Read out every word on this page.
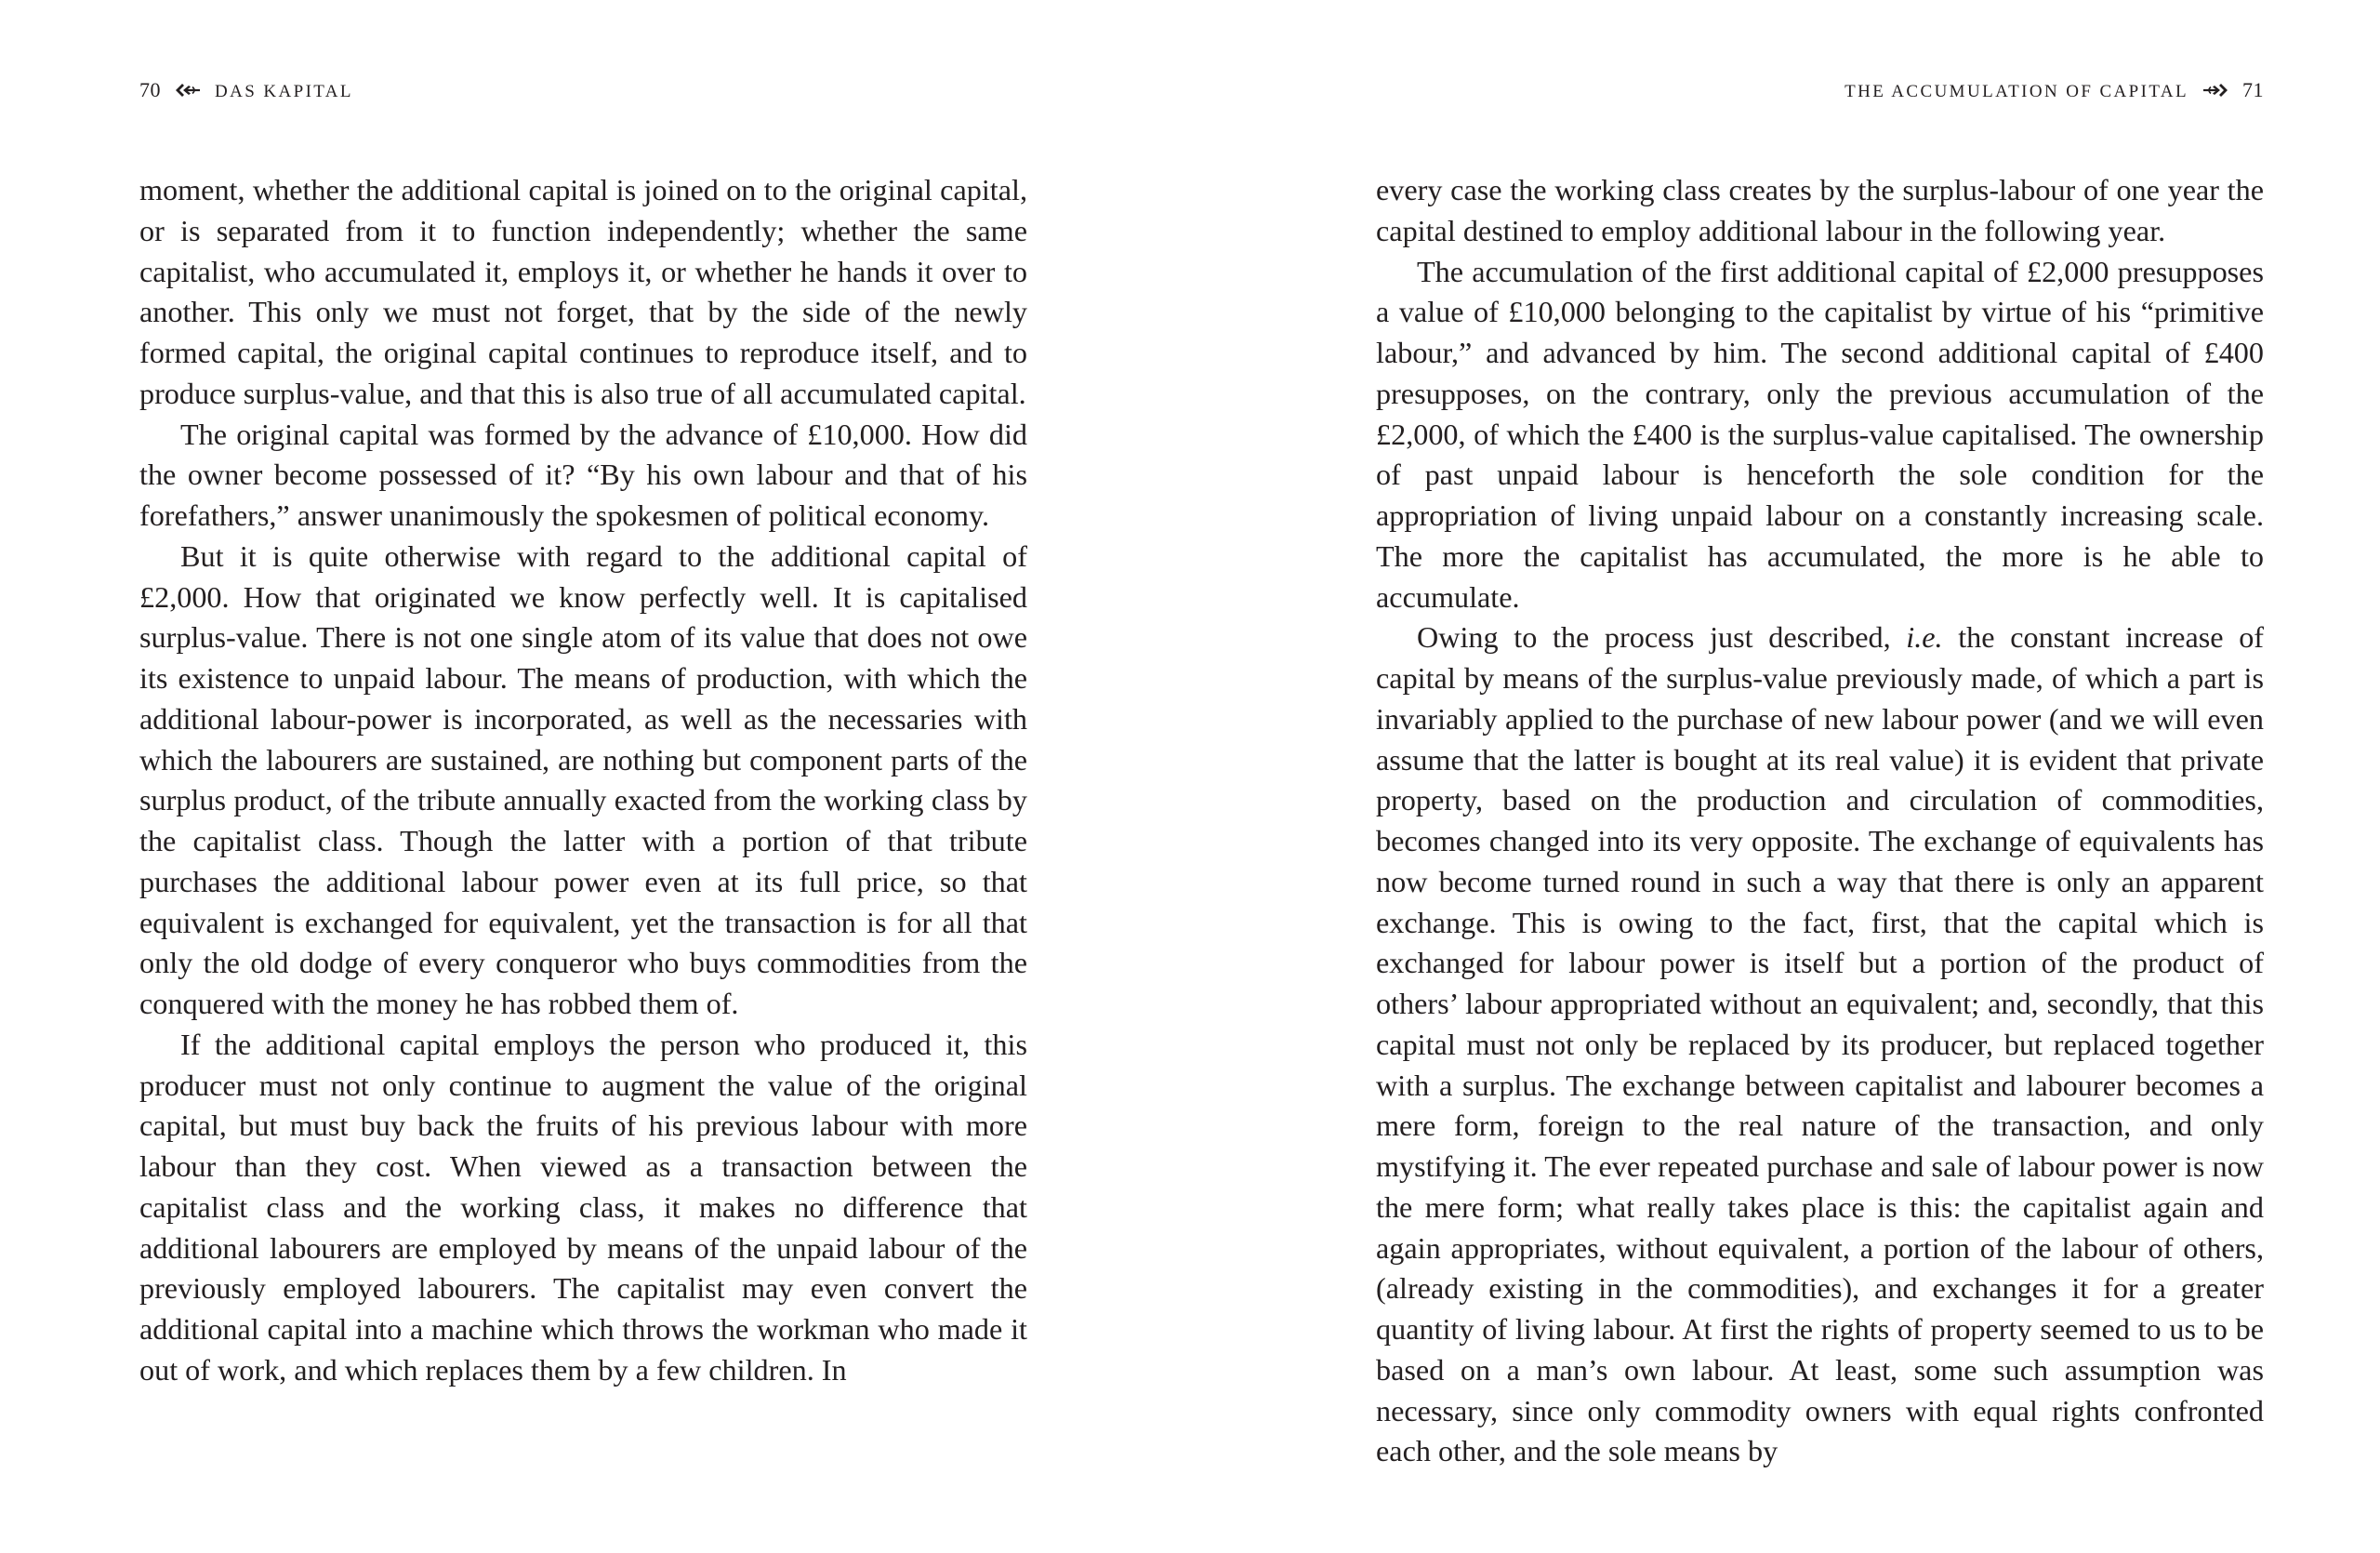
70	DAS KAPITAL

moment, whether the additional capital is joined on to the original capital, or is separated from it to function independently; whether the same capitalist, who accumulated it, employs it, or whether he hands it over to another. This only we must not forget, that by the side of the newly formed capital, the original capital continues to reproduce itself, and to produce surplus-value, and that this is also true of all accumulated capital.

The original capital was formed by the advance of £10,000. How did the owner become possessed of it? “By his own labour and that of his forefathers,” answer unanimously the spokesmen of political economy.

But it is quite otherwise with regard to the additional capital of £2,000. How that originated we know perfectly well. It is capitalised surplus-value. There is not one single atom of its value that does not owe its existence to unpaid labour. The means of production, with which the additional labour-power is incorporated, as well as the necessaries with which the labourers are sustained, are nothing but component parts of the surplus product, of the tribute annually exacted from the working class by the capitalist class. Though the latter with a portion of that tribute purchases the additional labour power even at its full price, so that equivalent is exchanged for equivalent, yet the transaction is for all that only the old dodge of every conqueror who buys commodities from the conquered with the money he has robbed them of.

If the additional capital employs the person who produced it, this producer must not only continue to augment the value of the original capital, but must buy back the fruits of his previous labour with more labour than they cost. When viewed as a transaction between the capitalist class and the working class, it makes no difference that additional labourers are employed by means of the unpaid labour of the previously employed labourers. The capitalist may even convert the additional capital into a machine which throws the workman who made it out of work, and which replaces them by a few children. In

THE ACCUMULATION OF CAPITAL	71

every case the working class creates by the surplus-labour of one year the capital destined to employ additional labour in the following year.

The accumulation of the first additional capital of £2,000 presupposes a value of £10,000 belonging to the capitalist by virtue of his “primitive labour,” and advanced by him. The second additional capital of £400 presupposes, on the contrary, only the previous accumulation of the £2,000, of which the £400 is the surplus-value capitalised. The ownership of past unpaid labour is henceforth the sole condition for the appropriation of living unpaid labour on a constantly increasing scale. The more the capitalist has accumulated, the more is he able to accumulate.

Owing to the process just described, i.e. the constant increase of capital by means of the surplus-value previously made, of which a part is invariably applied to the purchase of new labour power (and we will even assume that the latter is bought at its real value) it is evident that private property, based on the production and circulation of commodities, becomes changed into its very opposite. The exchange of equivalents has now become turned round in such a way that there is only an apparent exchange. This is owing to the fact, first, that the capital which is exchanged for labour power is itself but a portion of the product of others’ labour appropriated without an equivalent; and, secondly, that this capital must not only be replaced by its producer, but replaced together with a surplus. The exchange between capitalist and labourer becomes a mere form, foreign to the real nature of the transaction, and only mystifying it. The ever repeated purchase and sale of labour power is now the mere form; what really takes place is this: the capitalist again and again appropriates, without equivalent, a portion of the labour of others, (already existing in the commodities), and exchanges it for a greater quantity of living labour. At first the rights of property seemed to us to be based on a man’s own labour. At least, some such assumption was necessary, since only commodity owners with equal rights confronted each other, and the sole means by
